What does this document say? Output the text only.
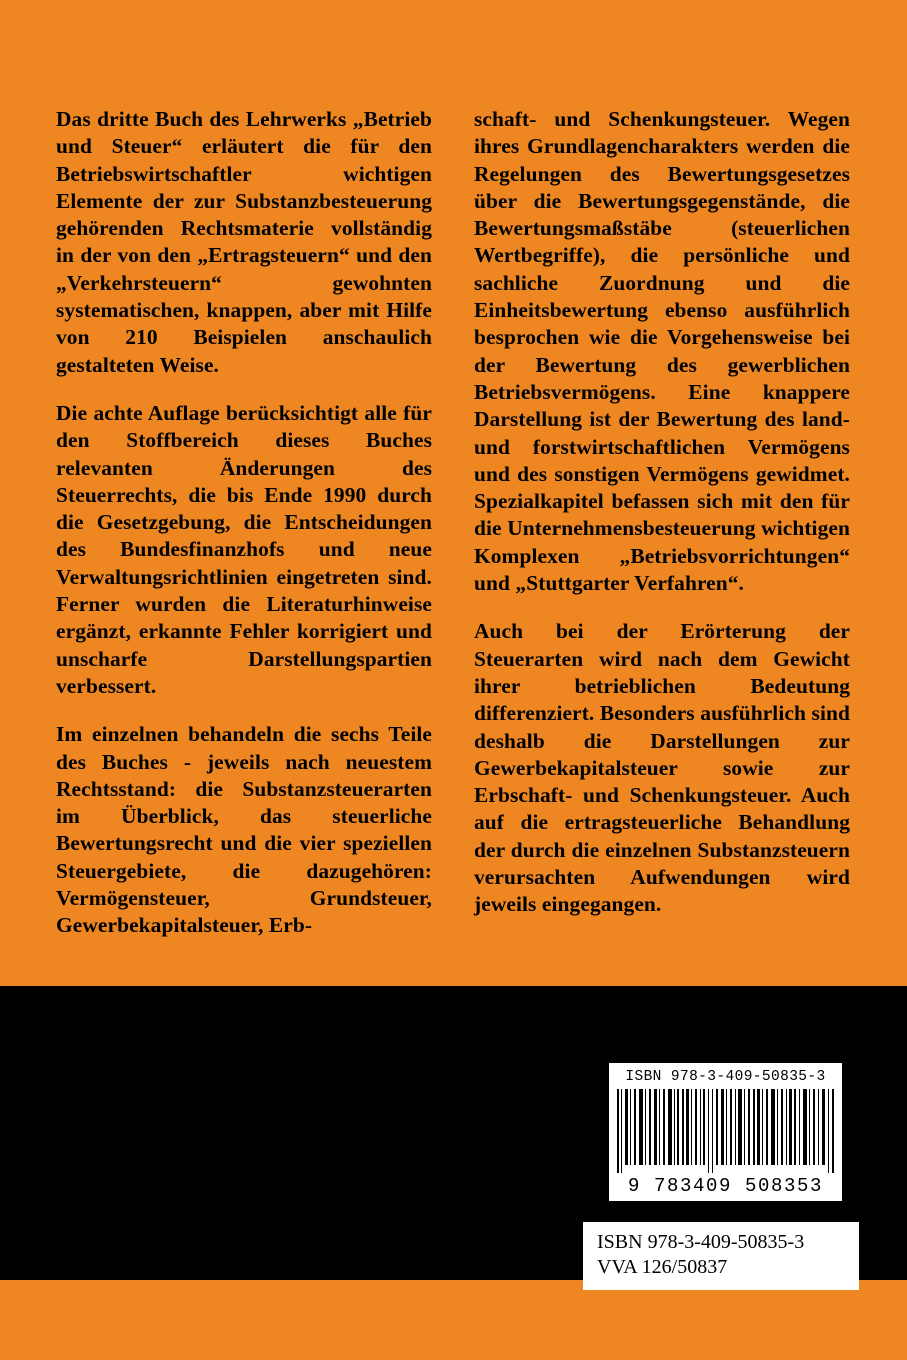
Das dritte Buch des Lehrwerks „Betrieb und Steuer“ erläutert die für den Betriebswirtschaftler wichtigen Elemente der zur Substanzbesteuerung gehörenden Rechtsmaterie vollständig in der von den „Ertragsteuern“ und den „Verkehrsteuern“ gewohnten systematischen, knappen, aber mit Hilfe von 210 Beispielen anschaulich gestalteten Weise.

Die achte Auflage berücksichtigt alle für den Stoffbereich dieses Buches relevanten Änderungen des Steuerrechts, die bis Ende 1990 durch die Gesetzgebung, die Entscheidungen des Bundesfinanzhofs und neue Verwaltungsrichtlinien eingetreten sind. Ferner wurden die Literaturhinweise ergänzt, erkannte Fehler korrigiert und unscharfe Darstellungspartien verbessert.

Im einzelnen behandeln die sechs Teile des Buches - jeweils nach neuestem Rechtsstand: die Substanzsteuerarten im Überblick, das steuerliche Bewertungsrecht und die vier speziellen Steuergebiete, die dazugehören: Vermögensteuer, Grundsteuer, Gewerbekapitalsteuer, Erb-

schaft- und Schenkungsteuer. Wegen ihres Grundlagencharakters werden die Regelungen des Bewertungsgesetzes über die Bewertungsgegenstände, die Bewertungsmaßstäbe (steuerlichen Wertbegriffe), die persönliche und sachliche Zuordnung und die Einheitsbewertung ebenso ausführlich besprochen wie die Vorgehensweise bei der Bewertung des gewerblichen Betriebsvermögens. Eine knappere Darstellung ist der Bewertung des land- und forstwirtschaftlichen Vermögens und des sonstigen Vermögens gewidmet. Spezialkapitel befassen sich mit den für die Unternehmensbesteuerung wichtigen Komplexen „Betriebsvorrichtungen“ und „Stuttgarter Verfahren“.

Auch bei der Erörterung der Steuerarten wird nach dem Gewicht ihrer betrieblichen Bedeutung differenziert. Besonders ausführlich sind deshalb die Darstellungen zur Gewerbekapitalsteuer sowie zur Erbschaft- und Schenkungsteuer. Auch auf die ertragsteuerliche Behandlung der durch die einzelnen Substanzsteuern verursachten Aufwendungen wird jeweils eingegangen.

ISBN 978-3-409-50835-3
9 783409 508353
ISBN 978-3-409-50835-3
VVA 126/50837
